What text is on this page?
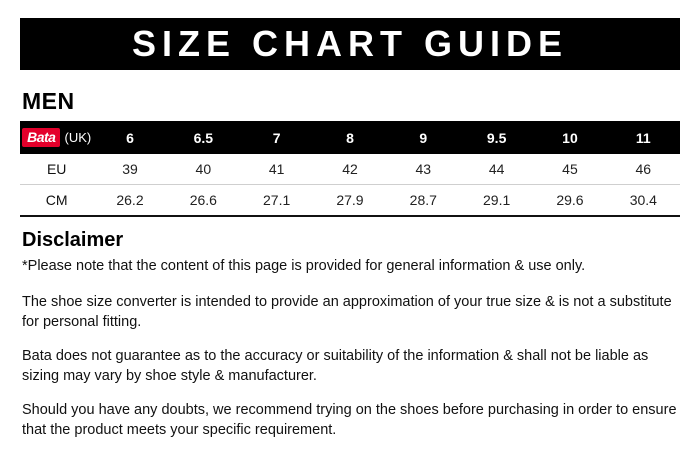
SIZE CHART GUIDE
MEN
Bata (UK)	6	6.5	7	8	9	9.5	10	11
EU	39	40	41	42	43	44	45	46
CM	26.2	26.6	27.1	27.9	28.7	29.1	29.6	30.4
Disclaimer

*Please note that the content of this page is provided for general information & use only.

The shoe size converter is intended to provide an approximation of your true size & is not a substitute for personal fitting.

Bata does not guarantee as to the accuracy or suitability of the information & shall not be liable as sizing may vary by shoe style & manufacturer.

Should you have any doubts, we recommend trying on the shoes before purchasing in order to ensure that the product meets your specific requirement.
